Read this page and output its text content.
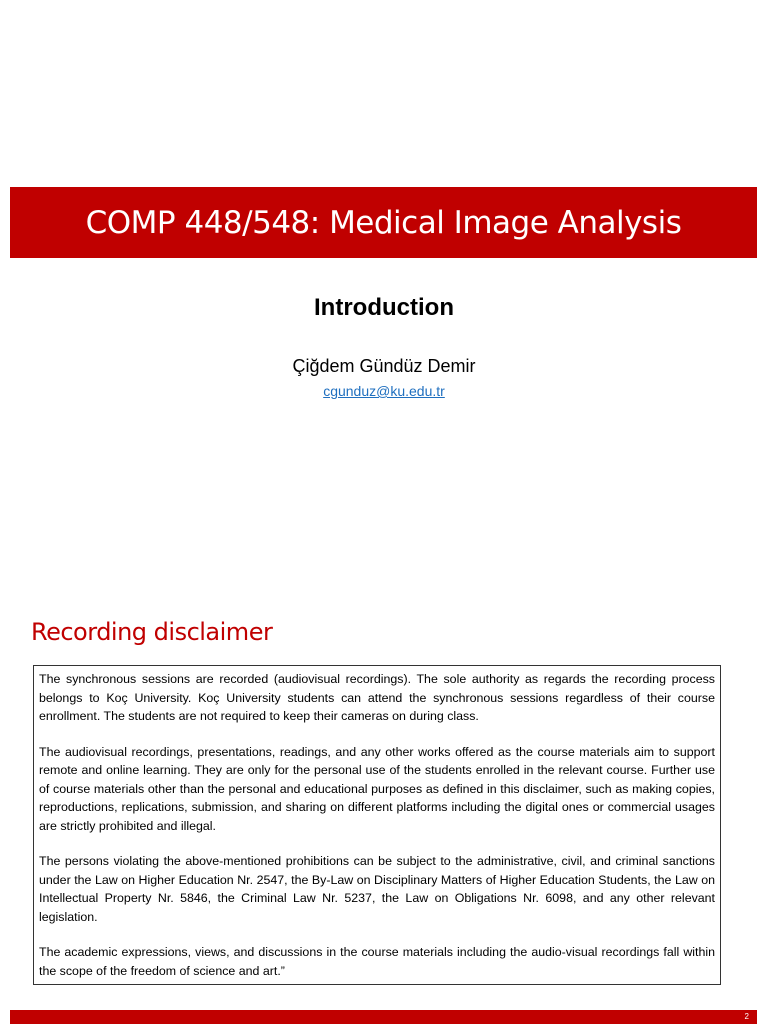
COMP 448/548: Medical Image Analysis
Introduction
Çiğdem Gündüz Demir
cgunduz@ku.edu.tr
Recording disclaimer

The synchronous sessions are recorded (audiovisual recordings). The sole authority as regards the recording process belongs to Koç University. Koç University students can attend the synchronous sessions regardless of their course enrollment. The students are not required to keep their cameras on during class.

The audiovisual recordings, presentations, readings, and any other works offered as the course materials aim to support remote and online learning. They are only for the personal use of the students enrolled in the relevant course. Further use of course materials other than the personal and educational purposes as defined in this disclaimer, such as making copies, reproductions, replications, submission, and sharing on different platforms including the digital ones or commercial usages are strictly prohibited and illegal.

The persons violating the above-mentioned prohibitions can be subject to the administrative, civil, and criminal sanctions under the Law on Higher Education Nr. 2547, the By-Law on Disciplinary Matters of Higher Education Students, the Law on Intellectual Property Nr. 5846, the Criminal Law Nr. 5237, the Law on Obligations Nr. 6098, and any other relevant legislation.

The academic expressions, views, and discussions in the course materials including the audio-visual recordings fall within the scope of the freedom of science and art.”

2
